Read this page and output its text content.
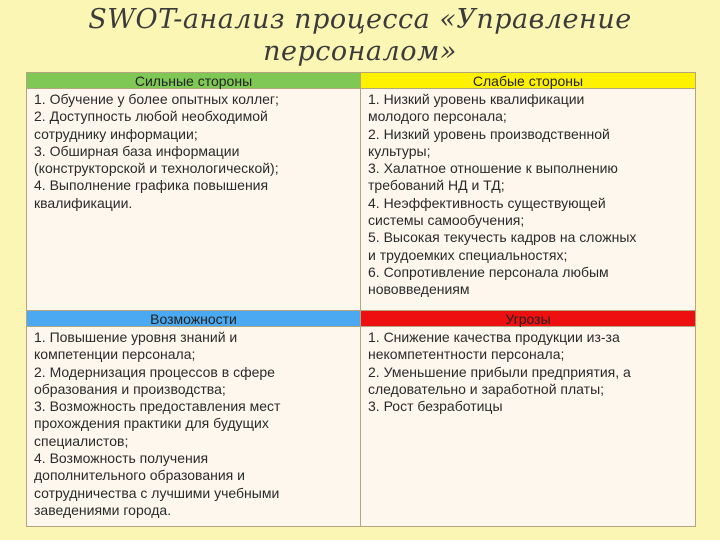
SWOT-анализ процесса «Управление
персоналом»
Сильные стороны
1. Обучение у более опытных коллег;
2. Доступность любой необходимой
сотруднику информации;
3. Обширная база информации
(конструкторской и технологической);
4. Выполнение графика повышения
квалификации.
Слабые стороны
1. Низкий уровень квалификации
молодого персонала;
2. Низкий уровень производственной
культуры;
3. Халатное отношение к выполнению
требований НД и ТД;
4. Неэффективность существующей
системы самообучения;
5. Высокая текучесть кадров на сложных
и трудоемких специальностях;
6. Сопротивление персонала любым
нововведениям
Возможности
1. Повышение уровня знаний и
компетенции персонала;
2. Модернизация процессов в сфере
образования и производства;
3. Возможность предоставления мест
прохождения практики для будущих
специалистов;
4. Возможность получения
дополнительного образования и
сотрудничества с лучшими учебными
заведениями города.
Угрозы
1. Снижение качества продукции из-за
некомпетентности персонала;
2. Уменьшение прибыли предприятия, а
следовательно и заработной платы;
3. Рост безработицы
